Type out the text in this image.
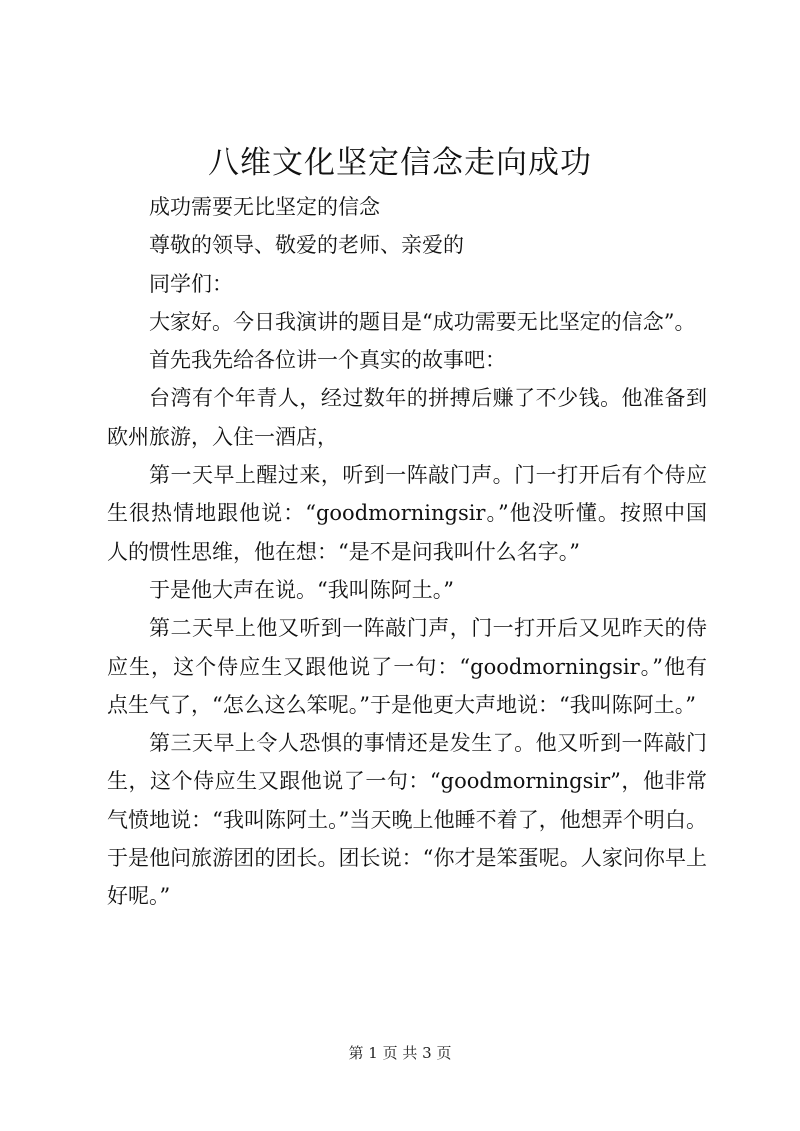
八维文化坚定信念走向成功

成功需要无比坚定的信念

尊敬的领导、敬爱的老师、亲爱的

同学们：

大家好。今日我演讲的题目是“成功需要无比坚定的信念”。

首先我先给各位讲一个真实的故事吧：

台湾有个年青人，经过数年的拼搏后赚了不少钱。他准备到欧州旅游，入住一酒店，

第一天早上醒过来，听到一阵敲门声。门一打开后有个侍应生很热情地跟他说：“goodmorningsir。”他没听懂。按照中国人的惯性思维，他在想：“是不是问我叫什么名字。”

于是他大声在说。“我叫陈阿土。”

第二天早上他又听到一阵敲门声，门一打开后又见昨天的侍应生，这个侍应生又跟他说了一句：“goodmorningsir。”他有点生气了，“怎么这么笨呢。”于是他更大声地说：“我叫陈阿土。”

第三天早上令人恐惧的事情还是发生了。他又听到一阵敲门生，这个侍应生又跟他说了一句：“goodmorningsir”，他非常气愤地说：“我叫陈阿土。”当天晚上他睡不着了，他想弄个明白。于是他问旅游团的团长。团长说：“你才是笨蛋呢。人家问你早上好呢。”

第 1 页 共 3 页
